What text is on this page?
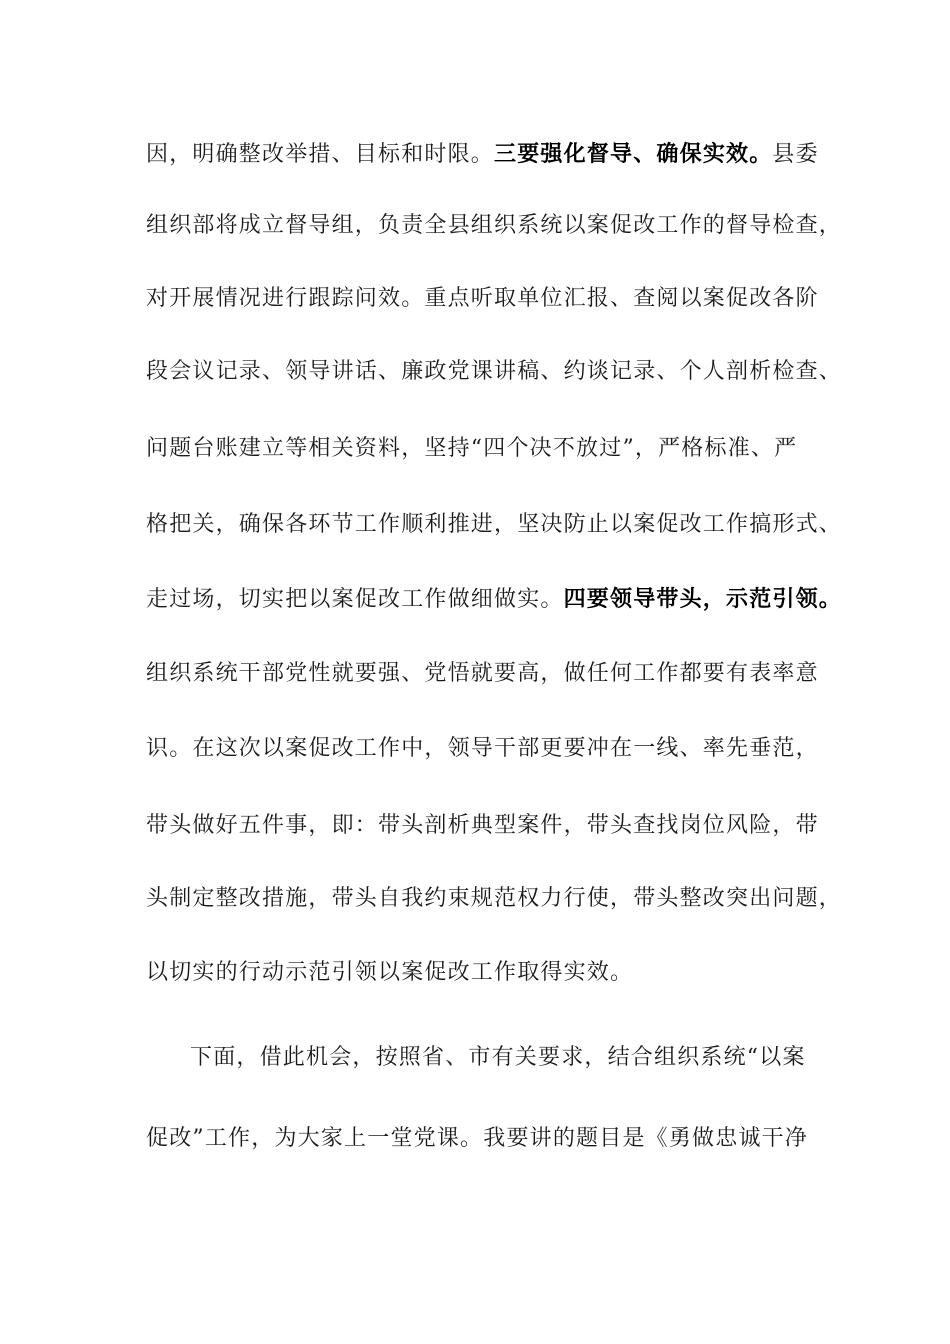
因，明确整改举措、目标和时限。三要强化督导、确保实效。县委
组织部将成立督导组，负责全县组织系统以案促改工作的督导检查，
对开展情况进行跟踪问效。重点听取单位汇报、查阅以案促改各阶
段会议记录、领导讲话、廉政党课讲稿、约谈记录、个人剖析检查、
问题台账建立等相关资料，坚持“四个决不放过”，严格标准、严
格把关，确保各环节工作顺利推进，坚决防止以案促改工作搞形式、
走过场，切实把以案促改工作做细做实。四要领导带头，示范引领。
组织系统干部党性就要强、党悟就要高，做任何工作都要有表率意
识。在这次以案促改工作中，领导干部更要冲在一线、率先垂范，
带头做好五件事，即：带头剖析典型案件，带头查找岗位风险，带
头制定整改措施，带头自我约束规范权力行使，带头整改突出问题，
以切实的行动示范引领以案促改工作取得实效。
下面，借此机会，按照省、市有关要求，结合组织系统“以案
促改”工作，为大家上一堂党课。我要讲的题目是《勇做忠诚干净
